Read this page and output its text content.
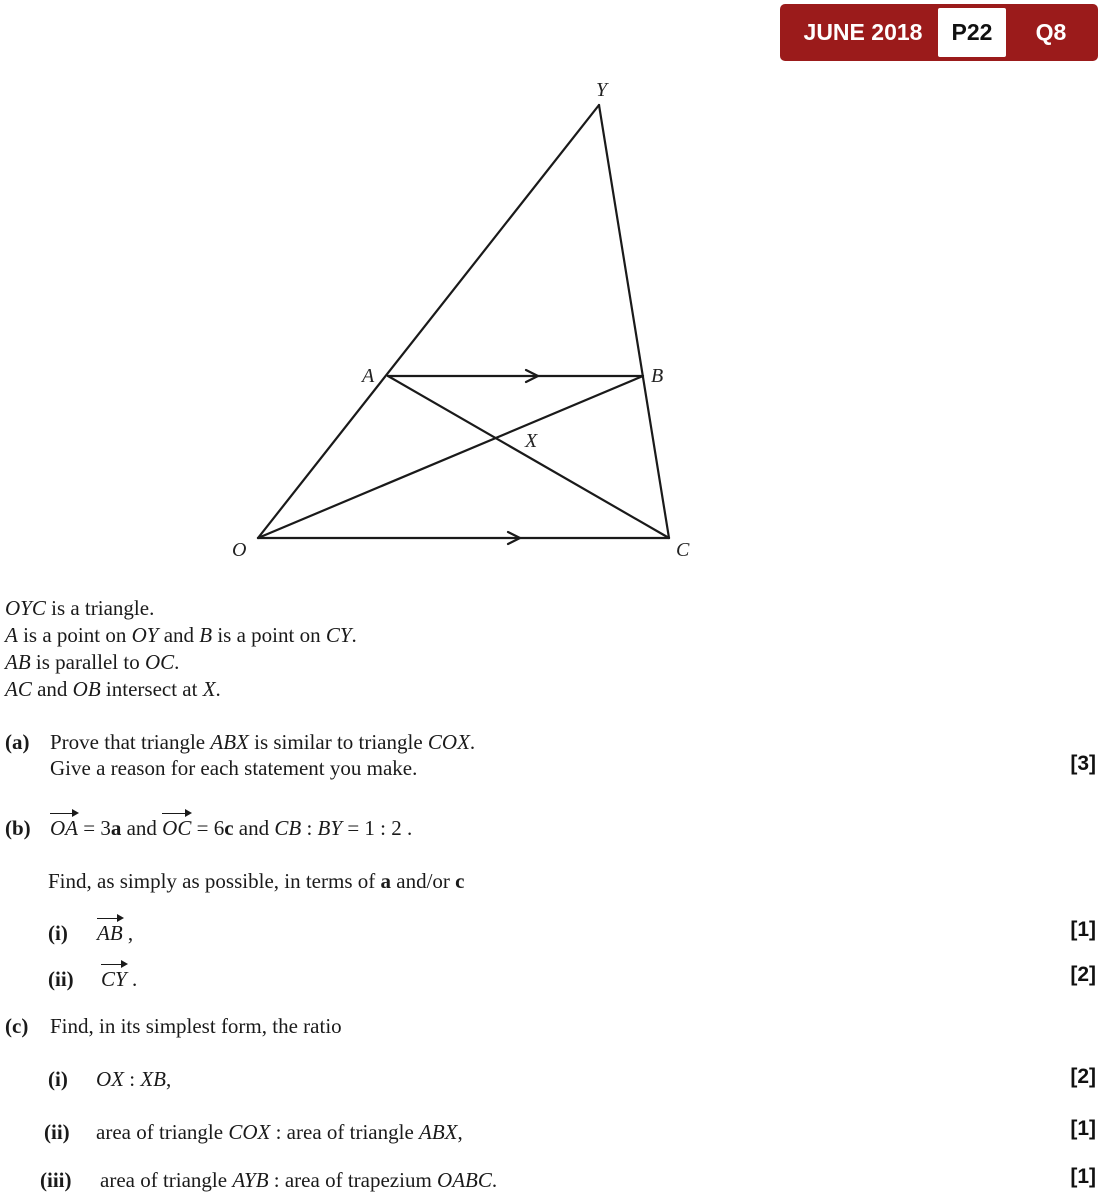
JUNE 2018	P22	Q8
Y
A	B
X
O	C
OYC is a triangle.
A is a point on OY and B is a point on CY.
AB is parallel to OC.
AC and OB intersect at X.
(a) Prove that triangle ABX is similar to triangle COX.
Give a reason for each statement you make.	[3]
(b) OA = 3a and OC = 6c and CB : BY = 1 : 2 .
Find, as simply as possible, in terms of a and/or c
(i) AB ,	[1]
(ii) CY .	[2]
(c) Find, in its simplest form, the ratio
(i) OX : XB,	[2]
(ii) area of triangle COX : area of triangle ABX,	[1]
(iii) area of triangle AYB : area of trapezium OABC.	[1]
